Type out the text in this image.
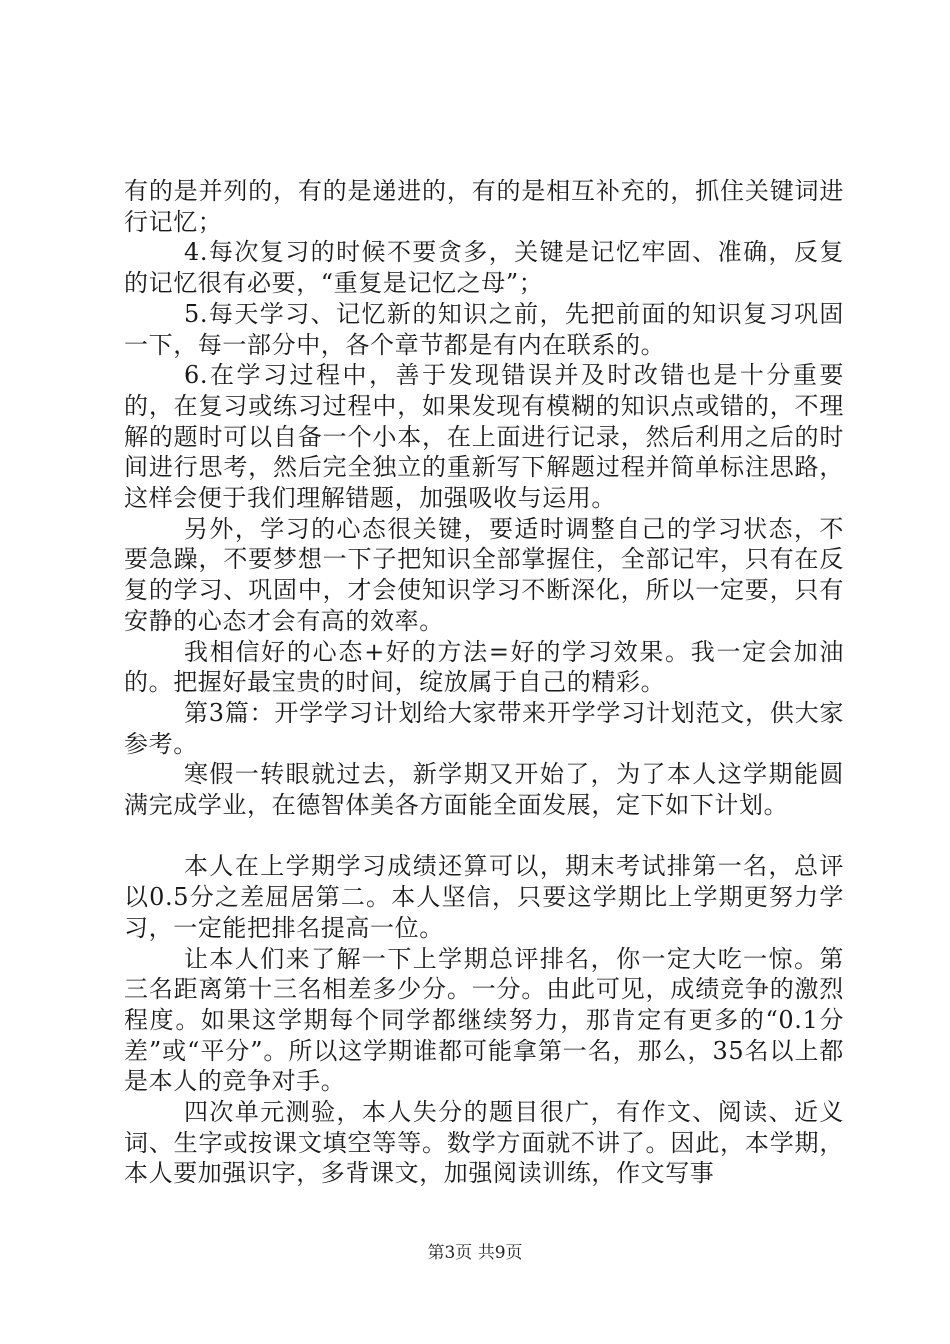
有的是并列的，有的是递进的，有的是相互补充的，抓住关键词进行记忆；

4.每次复习的时候不要贪多，关键是记忆牢固、准确，反复的记忆很有必要，“重复是记忆之母”；

5.每天学习、记忆新的知识之前，先把前面的知识复习巩固一下，每一部分中，各个章节都是有内在联系的。

6.在学习过程中，善于发现错误并及时改错也是十分重要的，在复习或练习过程中，如果发现有模糊的知识点或错的，不理解的题时可以自备一个小本，在上面进行记录，然后利用之后的时间进行思考，然后完全独立的重新写下解题过程并简单标注思路，这样会便于我们理解错题，加强吸收与运用。

另外，学习的心态很关键，要适时调整自己的学习状态，不要急躁，不要梦想一下子把知识全部掌握住，全部记牢，只有在反复的学习、巩固中，才会使知识学习不断深化，所以一定要，只有安静的心态才会有高的效率。

我相信好的心态+好的方法=好的学习效果。我一定会加油的。把握好最宝贵的时间，绽放属于自己的精彩。

第3篇：开学学习计划给大家带来开学学习计划范文，供大家参考。

寒假一转眼就过去，新学期又开始了，为了本人这学期能圆满完成学业，在德智体美各方面能全面发展，定下如下计划。

本人在上学期学习成绩还算可以，期末考试排第一名，总评以0.5分之差屈居第二。本人坚信，只要这学期比上学期更努力学习，一定能把排名提高一位。

让本人们来了解一下上学期总评排名，你一定大吃一惊。第三名距离第十三名相差多少分。一分。由此可见，成绩竞争的激烈程度。如果这学期每个同学都继续努力，那肯定有更多的“0.1分差”或“平分”。所以这学期谁都可能拿第一名，那么，35名以上都是本人的竞争对手。

四次单元测验，本人失分的题目很广，有作文、阅读、近义词、生字或按课文填空等等。数学方面就不讲了。因此，本学期，本人要加强识字，多背课文，加强阅读训练，作文写事

第3页 共9页
